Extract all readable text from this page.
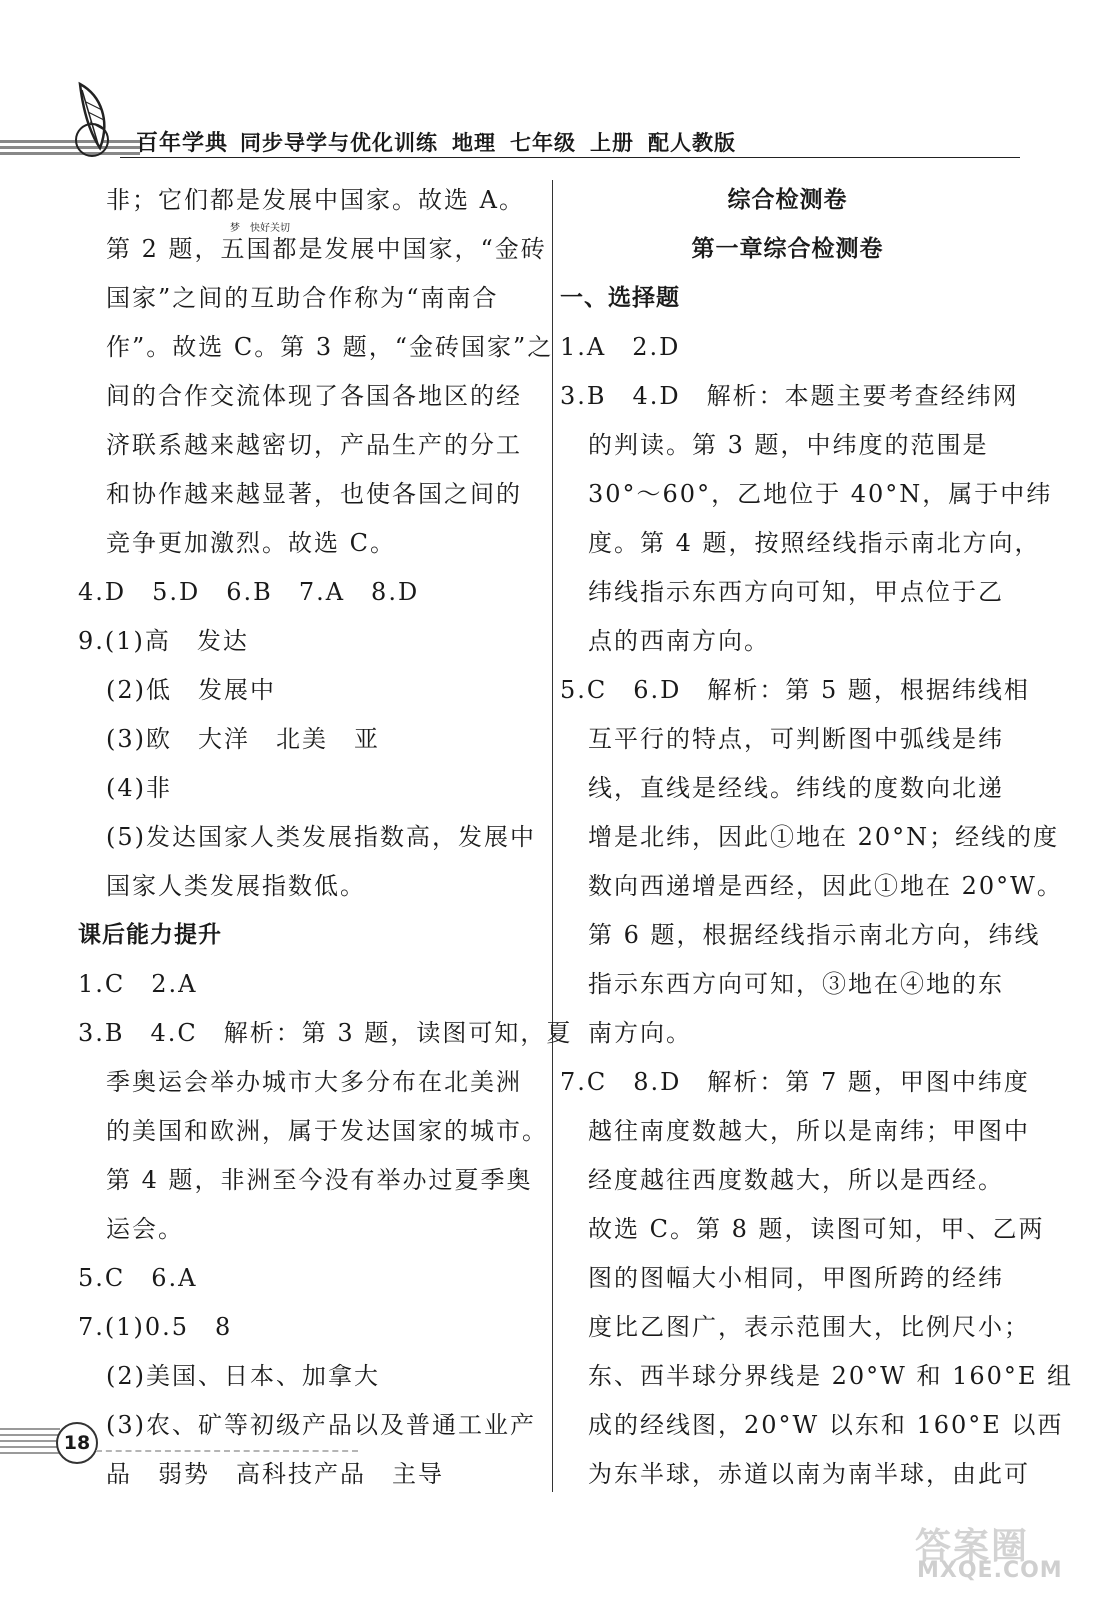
百年学典 同步导学与优化训练 地理 七年级 上册 配人教版
非；它们都是发展中国家。故选 A。
第 2 题，五国都是发展中国家，“金砖
国家”之间的互助合作称为“南南合
作”。故选 C。第 3 题，“金砖国家”之
间的合作交流体现了各国各地区的经
济联系越来越密切，产品生产的分工
和协作越来越显著，也使各国之间的
竞争更加激烈。故选 C。
4.D　5.D　6.B　7.A　8.D
9.(1)高　发达
(2)低　发展中
(3)欧　大洋　北美　亚
(4)非
(5)发达国家人类发展指数高，发展中
国家人类发展指数低。
课后能力提升
1.C　2.A
3.B　4.C　解析：第 3 题，读图可知，夏
季奥运会举办城市大多分布在北美洲
的美国和欧洲，属于发达国家的城市。
第 4 题，非洲至今没有举办过夏季奥
运会。
5.C　6.A
7.(1)0.5　8
(2)美国、日本、加拿大
(3)农、矿等初级产品以及普通工业产
品　弱势　高科技产品　主导
综合检测卷
第一章综合检测卷
一、选择题
1.A　2.D
3.B　4.D　解析：本题主要考查经纬网
的判读。第 3 题，中纬度的范围是
30°～60°，乙地位于 40°N，属于中纬
度。第 4 题，按照经线指示南北方向，
纬线指示东西方向可知，甲点位于乙
点的西南方向。
5.C　6.D　解析：第 5 题，根据纬线相
互平行的特点，可判断图中弧线是纬
线，直线是经线。纬线的度数向北递
增是北纬，因此①地在 20°N；经线的度
数向西递增是西经，因此①地在 20°W。
第 6 题，根据经线指示南北方向，纬线
指示东西方向可知，③地在④地的东
南方向。
7.C　8.D　解析：第 7 题，甲图中纬度
越往南度数越大，所以是南纬；甲图中
经度越往西度数越大，所以是西经。
故选 C。第 8 题，读图可知，甲、乙两
图的图幅大小相同，甲图所跨的经纬
度比乙图广，表示范围大，比例尺小；
东、西半球分界线是 20°W 和 160°E 组
成的经线图，20°W 以东和 160°E 以西
为东半球，赤道以南为南半球，由此可
梦　快好关切
18
答案圈
MXQE.COM
